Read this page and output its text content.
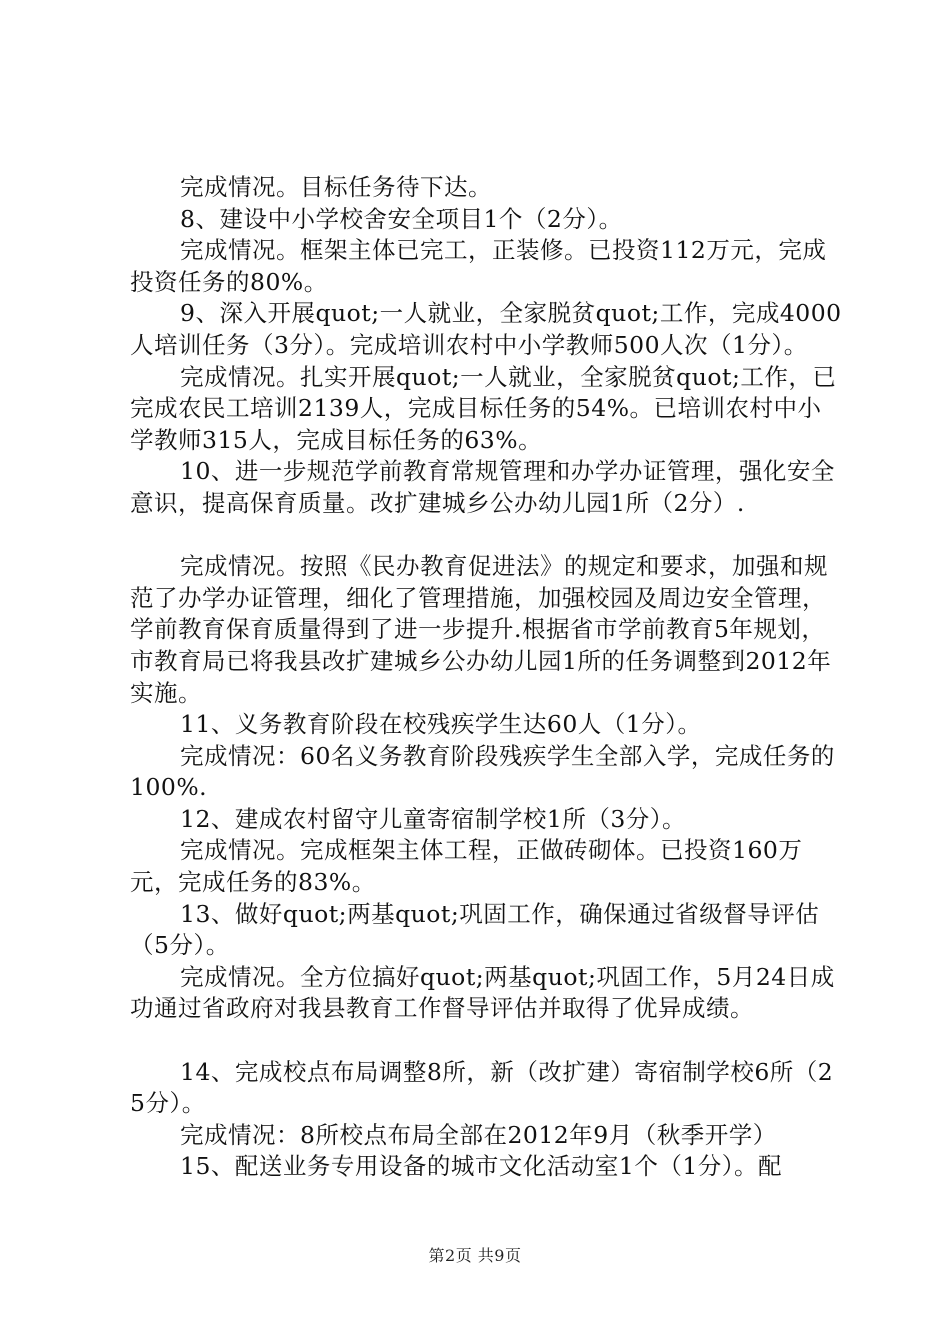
完成情况。目标任务待下达。

8、建设中小学校舍安全项目1个（2分）。

完成情况。框架主体已完工，正装修。已投资112万元，完成投资任务的80%。

9、深入开展quot;一人就业，全家脱贫quot;工作，完成4000人培训任务（3分）。完成培训农村中小学教师500人次（1分）。

完成情况。扎实开展quot;一人就业，全家脱贫quot;工作，已完成农民工培训2139人，完成目标任务的54%。已培训农村中小学教师315人，完成目标任务的63%。

10、进一步规范学前教育常规管理和办学办证管理，强化安全意识，提高保育质量。改扩建城乡公办幼儿园1所（2分）.

完成情况。按照《民办教育促进法》的规定和要求，加强和规范了办学办证管理，细化了管理措施，加强校园及周边安全管理，学前教育保育质量得到了进一步提升.根据省市学前教育5年规划，市教育局已将我县改扩建城乡公办幼儿园1所的任务调整到2012年实施。

11、义务教育阶段在校残疾学生达60人（1分）。

完成情况：60名义务教育阶段残疾学生全部入学，完成任务的100%.

12、建成农村留守儿童寄宿制学校1所（3分）。

完成情况。完成框架主体工程，正做砖砌体。已投资160万元，完成任务的83%。

13、做好quot;两基quot;巩固工作，确保通过省级督导评估（5分）。

完成情况。全方位搞好quot;两基quot;巩固工作，5月24日成功通过省政府对我县教育工作督导评估并取得了优异成绩。

14、完成校点布局调整8所，新（改扩建）寄宿制学校6所（25分）。

完成情况：8所校点布局全部在2012年9月（秋季开学）

15、配送业务专用设备的城市文化活动室1个（1分）。配

第2页 共9页
